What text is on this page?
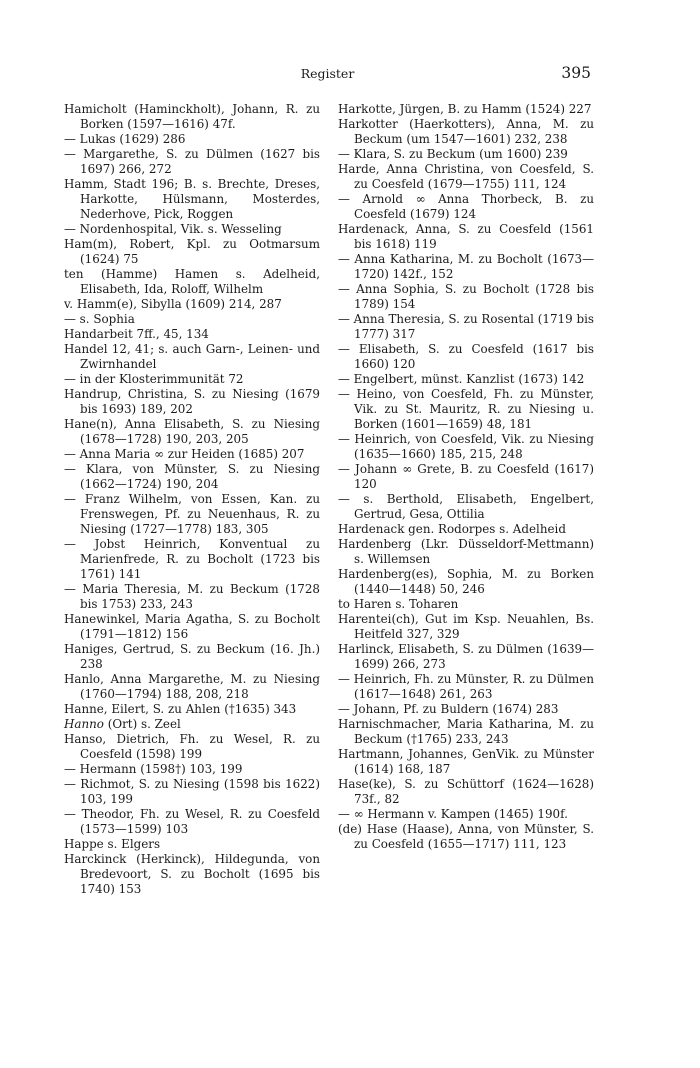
Register	395
Hamicholt (Haminckholt), Johann, R. zu Borken (1597—1616) 47f.
— Lukas (1629) 286
— Margarethe, S. zu Dülmen (1627 bis 1697) 266, 272
Hamm, Stadt 196; B. s. Brechte, Dreses, Harkotte, Hülsmann, Mosterdes, Nederhove, Pick, Roggen
— Nordenhospital, Vik. s. Wesseling
Ham(m), Robert, Kpl. zu Ootmarsum (1624) 75
ten (Hamme) Hamen s. Adelheid, Elisabeth, Ida, Roloff, Wilhelm
v. Hamm(e), Sibylla (1609) 214, 287
— s. Sophia
Handarbeit 7ff., 45, 134
Handel 12, 41; s. auch Garn-, Leinen- und Zwirnhandel
— in der Klosterimmunität 72
Handrup, Christina, S. zu Niesing (1679 bis 1693) 189, 202
Hane(n), Anna Elisabeth, S. zu Niesing (1678—1728) 190, 203, 205
— Anna Maria ∞ zur Heiden (1685) 207
— Klara, von Münster, S. zu Niesing (1662—1724) 190, 204
— Franz Wilhelm, von Essen, Kan. zu Frenswegen, Pf. zu Neuenhaus, R. zu Niesing (1727—1778) 183, 305
— Jobst Heinrich, Konventual zu Marienfrede, R. zu Bocholt (1723 bis 1761) 141
— Maria Theresia, M. zu Beckum (1728 bis 1753) 233, 243
Hanewinkel, Maria Agatha, S. zu Bocholt (1791—1812) 156
Haniges, Gertrud, S. zu Beckum (16. Jh.) 238
Hanlo, Anna Margarethe, M. zu Niesing (1760—1794) 188, 208, 218
Hanne, Eilert, S. zu Ahlen (†1635) 343
Hanno (Ort) s. Zeel
Hanso, Dietrich, Fh. zu Wesel, R. zu Coesfeld (1598) 199
— Hermann (1598†) 103, 199
— Richmot, S. zu Niesing (1598 bis 1622) 103, 199
— Theodor, Fh. zu Wesel, R. zu Coesfeld (1573—1599) 103
Happe s. Elgers
Harckinck (Herkinck), Hildegunda, von Bredevoort, S. zu Bocholt (1695 bis 1740) 153
Harkotte, Jürgen, B. zu Hamm (1524) 227
Harkotter (Haerkotters), Anna, M. zu Beckum (um 1547—1601) 232, 238
— Klara, S. zu Beckum (um 1600) 239
Harde, Anna Christina, von Coesfeld, S. zu Coesfeld (1679—1755) 111, 124
— Arnold ∞ Anna Thorbeck, B. zu Coesfeld (1679) 124
Hardenack, Anna, S. zu Coesfeld (1561 bis 1618) 119
— Anna Katharina, M. zu Bocholt (1673—1720) 142f., 152
— Anna Sophia, S. zu Bocholt (1728 bis 1789) 154
— Anna Theresia, S. zu Rosental (1719 bis 1777) 317
— Elisabeth, S. zu Coesfeld (1617 bis 1660) 120
— Engelbert, münst. Kanzlist (1673) 142
— Heino, von Coesfeld, Fh. zu Münster, Vik. zu St. Mauritz, R. zu Niesing u. Borken (1601—1659) 48, 181
— Heinrich, von Coesfeld, Vik. zu Niesing (1635—1660) 185, 215, 248
— Johann ∞ Grete, B. zu Coesfeld (1617) 120
— s. Berthold, Elisabeth, Engelbert, Gertrud, Gesa, Ottilia
Hardenack gen. Rodorpes s. Adelheid
Hardenberg (Lkr. Düsseldorf-Mettmann) s. Willemsen
Hardenberg(es), Sophia, M. zu Borken (1440—1448) 50, 246
to Haren s. Toharen
Harentei(ch), Gut im Ksp. Neuahlen, Bs. Heitfeld 327, 329
Harlinck, Elisabeth, S. zu Dülmen (1639—1699) 266, 273
— Heinrich, Fh. zu Münster, R. zu Dülmen (1617—1648) 261, 263
— Johann, Pf. zu Buldern (1674) 283
Harnischmacher, Maria Katharina, M. zu Beckum (†1765) 233, 243
Hartmann, Johannes, GenVik. zu Münster (1614) 168, 187
Hase(ke), S. zu Schüttorf (1624—1628) 73f., 82
— ∞ Hermann v. Kampen (1465) 190f.
(de) Hase (Haase), Anna, von Münster, S. zu Coesfeld (1655—1717) 111, 123
